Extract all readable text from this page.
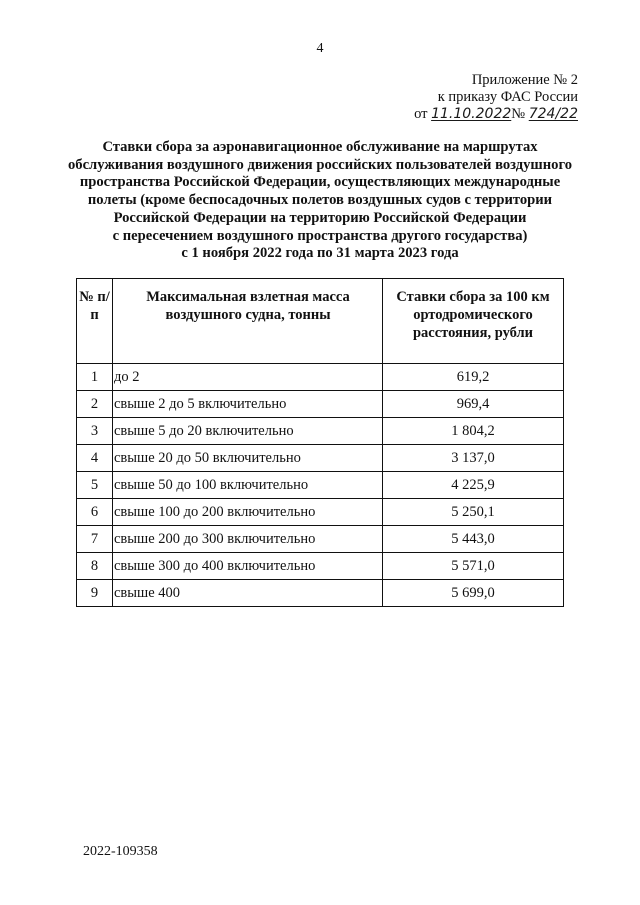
4
Приложение № 2
к приказу ФАС России
от 11.10.2022№ 724/22
Ставки сбора за аэронавигационное обслуживание на маршрутах
обслуживания воздушного движения российских пользователей воздушного
пространства Российской Федерации, осуществляющих международные
полеты (кроме беспосадочных полетов воздушных судов с территории
Российской Федерации на территорию Российской Федерации
с пересечением воздушного пространства другого государства)
с 1 ноября 2022 года по 31 марта 2023 года
№ п/п	Максимальная взлетная масса воздушного судна, тонны	Ставки сбора за 100 км ортодромического расстояния, рубли
1	до 2	619,2
2	свыше 2 до 5 включительно	969,4
3	свыше 5 до 20 включительно	1 804,2
4	свыше 20 до 50 включительно	3 137,0
5	свыше 50 до 100 включительно	4 225,9
6	свыше 100 до 200 включительно	5 250,1
7	свыше 200 до 300 включительно	5 443,0
8	свыше 300 до 400 включительно	5 571,0
9	свыше 400	5 699,0
2022-109358
